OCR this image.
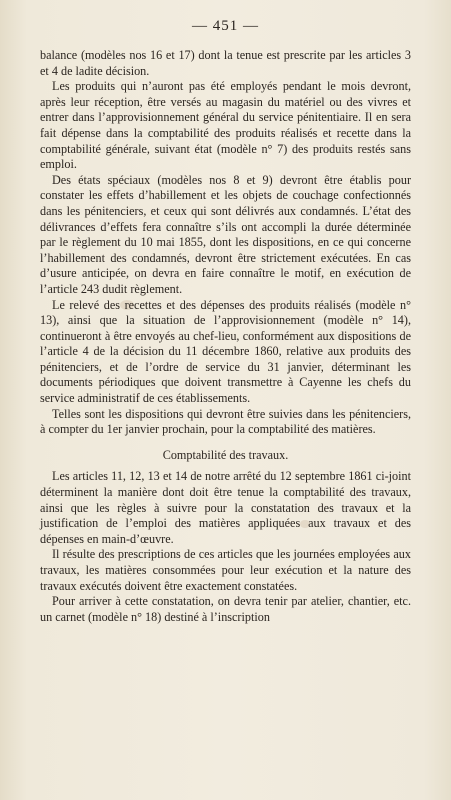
— 451 —

balance (modèles nos 16 et 17) dont la tenue est prescrite par les articles 3 et 4 de ladite décision.

Les produits qui n’auront pas été employés pendant le mois devront, après leur réception, être versés au magasin du matériel ou des vivres et entrer dans l’approvisionnement général du service pénitentiaire. Il en sera fait dépense dans la comptabilité des produits réalisés et recette dans la comptabilité générale, suivant état (modèle n° 7) des produits restés sans emploi.

Des états spéciaux (modèles nos 8 et 9) devront être établis pour constater les effets d’habillement et les objets de couchage confectionnés dans les pénitenciers, et ceux qui sont délivrés aux condamnés. L’état des délivrances d’effets fera connaître s’ils ont accompli la durée déterminée par le règlement du 10 mai 1855, dont les dispositions, en ce qui concerne l’habillement des condamnés, devront être strictement exécutées. En cas d’usure anticipée, on devra en faire connaître le motif, en exécution de l’article 243 dudit règlement.

Le relevé des recettes et des dépenses des produits réalisés (modèle n° 13), ainsi que la situation de l’approvisionnement (modèle n° 14), continueront à être envoyés au chef-lieu, conformément aux dispositions de l’article 4 de la décision du 11 décembre 1860, relative aux produits des pénitenciers, et de l’ordre de service du 31 janvier, déterminant les documents périodiques que doivent transmettre à Cayenne les chefs du service administratif de ces établissements.

Telles sont les dispositions qui devront être suivies dans les pénitenciers, à compter du 1er janvier prochain, pour la comptabilité des matières.

Comptabilité des travaux.

Les articles 11, 12, 13 et 14 de notre arrêté du 12 septembre 1861 ci-joint déterminent la manière dont doit être tenue la comptabilité des travaux, ainsi que les règles à suivre pour la constatation des travaux et la justification de l’emploi des matières appliquées aux travaux et des dépenses en main-d’œuvre.

Il résulte des prescriptions de ces articles que les journées employées aux travaux, les matières consommées pour leur exécution et la nature des travaux exécutés doivent être exactement constatées.

Pour arriver à cette constatation, on devra tenir par atelier, chantier, etc. un carnet (modèle n° 18) destiné à l’inscription
